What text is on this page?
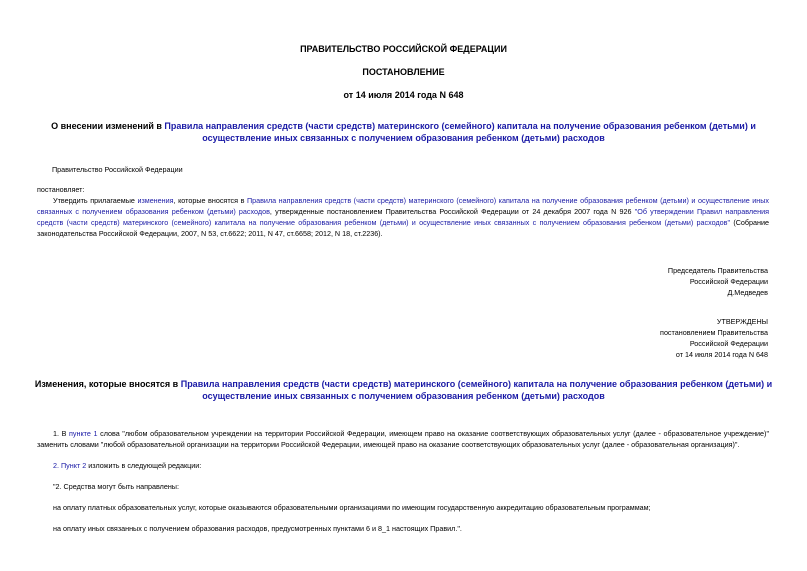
ПРАВИТЕЛЬСТВО РОССИЙСКОЙ ФЕДЕРАЦИИ
ПОСТАНОВЛЕНИЕ
от 14 июля 2014 года N 648
О внесении изменений в Правила направления средств (части средств) материнского (семейного) капитала на получение образования ребенком (детьми) и осуществление иных связанных с получением образования ребенком (детьми) расходов
Правительство Российской Федерации
постановляет:
Утвердить прилагаемые изменения, которые вносятся в Правила направления средств (части средств) материнского (семейного) капитала на получение образования ребенком (детьми) и осуществление иных связанных с получением образования ребенком (детьми) расходов, утвержденные постановлением Правительства Российской Федерации от 24 декабря 2007 года N 926 "Об утверждении Правил направления средств (части средств) материнского (семейного) капитала на получение образования ребенком (детьми) и осуществление иных связанных с получением образования ребенком (детьми) расходов" (Собрание законодательства Российской Федерации, 2007, N 53, ст.6622; 2011, N 47, ст.6658; 2012, N 18, ст.2236).
Председатель Правительства
Российской Федерации
Д.Медведев
УТВЕРЖДЕНЫ
постановлением Правительства
Российской Федерации
от 14 июля 2014 года N 648
Изменения, которые вносятся в Правила направления средств (части средств) материнского (семейного) капитала на получение образования ребенком (детьми) и осуществление иных связанных с получением образования ребенком (детьми) расходов
1. В пункте 1 слова "любом образовательном учреждении на территории Российской Федерации, имеющем право на оказание соответствующих образовательных услуг (далее - образовательное учреждение)" заменить словами "любой образовательной организации на территории Российской Федерации, имеющей право на оказание соответствующих образовательных услуг (далее - образовательная организация)".
2. Пункт 2 изложить в следующей редакции:
"2. Средства могут быть направлены:
на оплату платных образовательных услуг, которые оказываются образовательными организациями по имеющим государственную аккредитацию образовательным программам;
на оплату иных связанных с получением образования расходов, предусмотренных пунктами 6 и 8_1 настоящих Правил.".
